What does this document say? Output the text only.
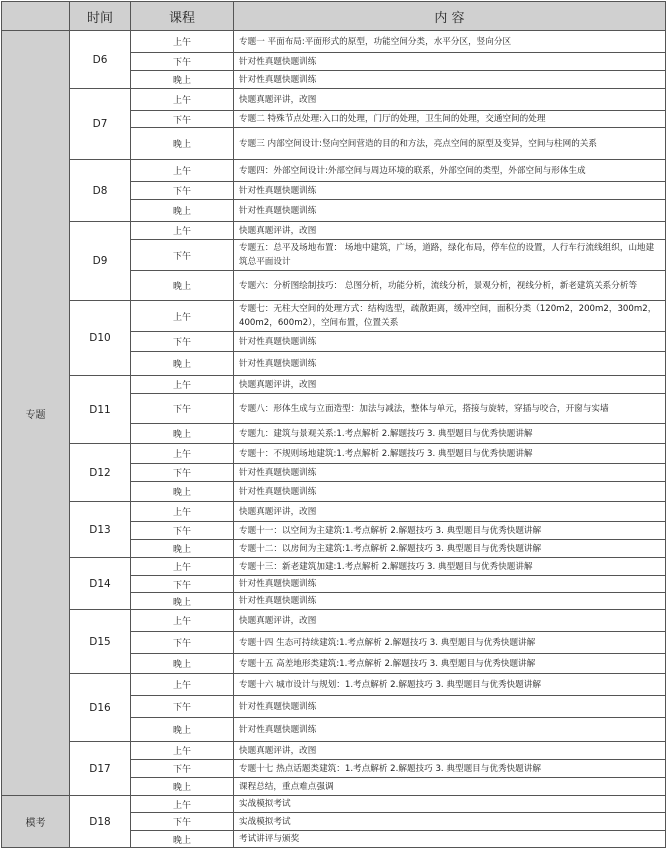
	时间	课程	内 容
专题	D6	上午	专题一 平面布局:平面形式的原型，功能空间分类，水平分区，竖向分区
		下午	针对性真题快题训练
		晚上	针对性真题快题训练
	D7	上午	快题真题评讲，改图
		下午	专题二 特殊节点处理:入口的处理，门厅的处理，卫生间的处理，交通空间的处理
		晚上	专题三 内部空间设计:竖向空间营造的目的和方法，亮点空间的原型及变异，空间与柱网的关系
	D8	上午	专题四：外部空间设计:外部空间与周边环境的联系，外部空间的类型，外部空间与形体生成
		下午	针对性真题快题训练
		晚上	针对性真题快题训练
	D9	上午	快题真题评讲，改图
		下午	专题五：总平及场地布置： 场地中建筑，广场，道路，绿化布局，停车位的设置，人行车行流线组织，山地建筑总平面设计
		晚上	专题六：分析图绘制技巧： 总图分析，功能分析，流线分析，景观分析，视线分析，新老建筑关系分析等
	D10	上午	专题七：无柱大空间的处理方式：结构选型，疏散距离，缓冲空间，面积分类（120m2，200m2，300m2，400m2，600m2），空间布置，位置关系
		下午	针对性真题快题训练
		晚上	针对性真题快题训练
	D11	上午	快题真题评讲，改图
		下午	专题八：形体生成与立面造型：加法与减法，整体与单元，搭接与旋转，穿插与咬合，开窗与实墙
		晚上	专题九：建筑与景观关系:1.考点解析 2.解题技巧 3. 典型题目与优秀快题讲解
	D12	上午	专题十：不规则场地建筑:1.考点解析 2.解题技巧 3. 典型题目与优秀快题讲解
		下午	针对性真题快题训练
		晚上	针对性真题快题训练
	D13	上午	快题真题评讲，改图
		下午	专题十一：以空间为主建筑:1.考点解析 2.解题技巧 3. 典型题目与优秀快题讲解
		晚上	专题十二：以房间为主建筑:1.考点解析 2.解题技巧 3. 典型题目与优秀快题讲解
	D14	上午	专题十三：新老建筑加建:1.考点解析 2.解题技巧 3. 典型题目与优秀快题讲解
		下午	针对性真题快题训练
		晚上	针对性真题快题训练
	D15	上午	快题真题评讲，改图
		下午	专题十四 生态可持续建筑:1.考点解析 2.解题技巧 3. 典型题目与优秀快题讲解
		晚上	专题十五 高差地形类建筑:1.考点解析 2.解题技巧 3. 典型题目与优秀快题讲解
	D16	上午	专题十六 城市设计与规划：1.考点解析 2.解题技巧 3. 典型题目与优秀快题讲解
		下午	针对性真题快题训练
		晚上	针对性真题快题训练
	D17	上午	快题真题评讲，改图
		下午	专题十七 热点话题类建筑：1.考点解析 2.解题技巧 3. 典型题目与优秀快题讲解
		晚上	课程总结，重点难点强调
模考	D18	上午	实战模拟考试
		下午	实战模拟考试
		晚上	考试讲评与颁奖
